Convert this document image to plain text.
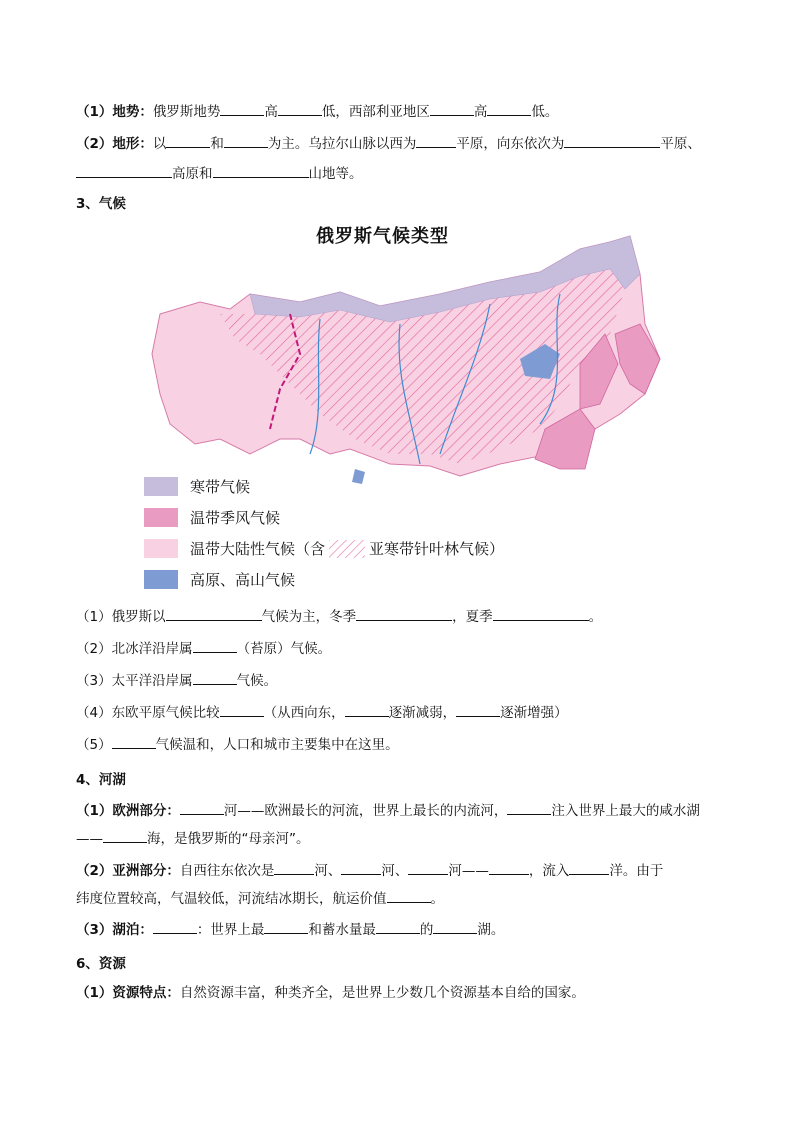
（1）地势：俄罗斯地势	高	低，西部利亚地区	高	低。
（2）地形：以	和	为主。乌拉尔山脉以西为	平原，向东依次为	平原、
高原和	山地等。
3、气候
俄罗斯气候类型
寒带气候
温带季风气候
温带大陆性气候（含	亚寒带针叶林气候）
高原、高山气候
（1）俄罗斯以	气候为主，冬季	，夏季	。
（2）北冰洋沿岸属	（苔原）气候。
（3）太平洋沿岸属	气候。
（4）东欧平原气候比较	（从西向东，	逐渐减弱，	逐渐增强）
（5）	气候温和，人口和城市主要集中在这里。
4、河湖
（1）欧洲部分：	河——欧洲最长的河流，世界上最长的内流河，	注入世界上最大的咸水湖
——	海，是俄罗斯的“母亲河”。
（2）亚洲部分：自西往东依次是	河、	河、	河——	，流入	洋。由于
纬度位置较高，气温较低，河流结冰期长，航运价值	。
（3）湖泊：	：世界上最	和蓄水量最	的	湖。
6、资源
（1）资源特点：自然资源丰富，种类齐全，是世界上少数几个资源基本自给的国家。
